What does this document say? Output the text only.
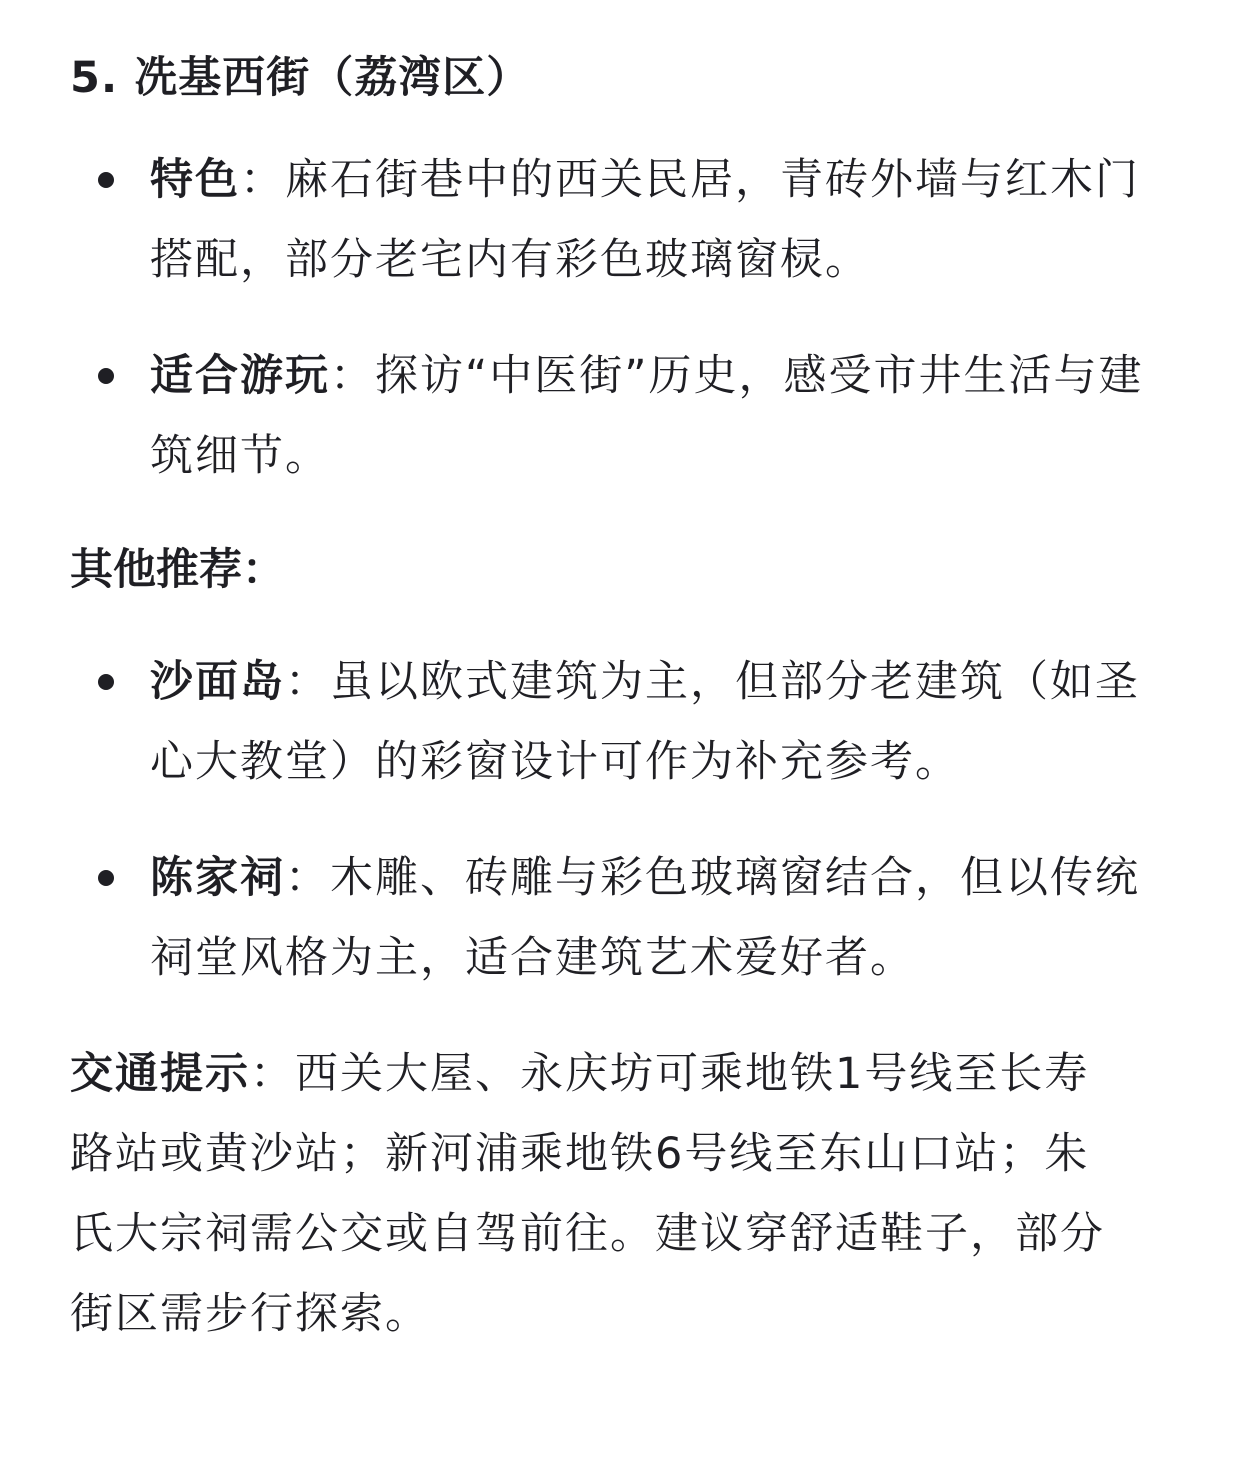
5. 冼基西街（荔湾区）
特色：麻石街巷中的西关民居，青砖外墙与红木门搭配，部分老宅内有彩色玻璃窗棂。
适合游玩：探访“中医街”历史，感受市井生活与建筑细节。
其他推荐：
沙面岛：虽以欧式建筑为主，但部分老建筑（如圣心大教堂）的彩窗设计可作为补充参考。
陈家祠：木雕、砖雕与彩色玻璃窗结合，但以传统祠堂风格为主，适合建筑艺术爱好者。

交通提示：西关大屋、永庆坊可乘地铁1号线至长寿路站或黄沙站；新河浦乘地铁6号线至东山口站；朱氏大宗祠需公交或自驾前往。建议穿舒适鞋子，部分街区需步行探索。
